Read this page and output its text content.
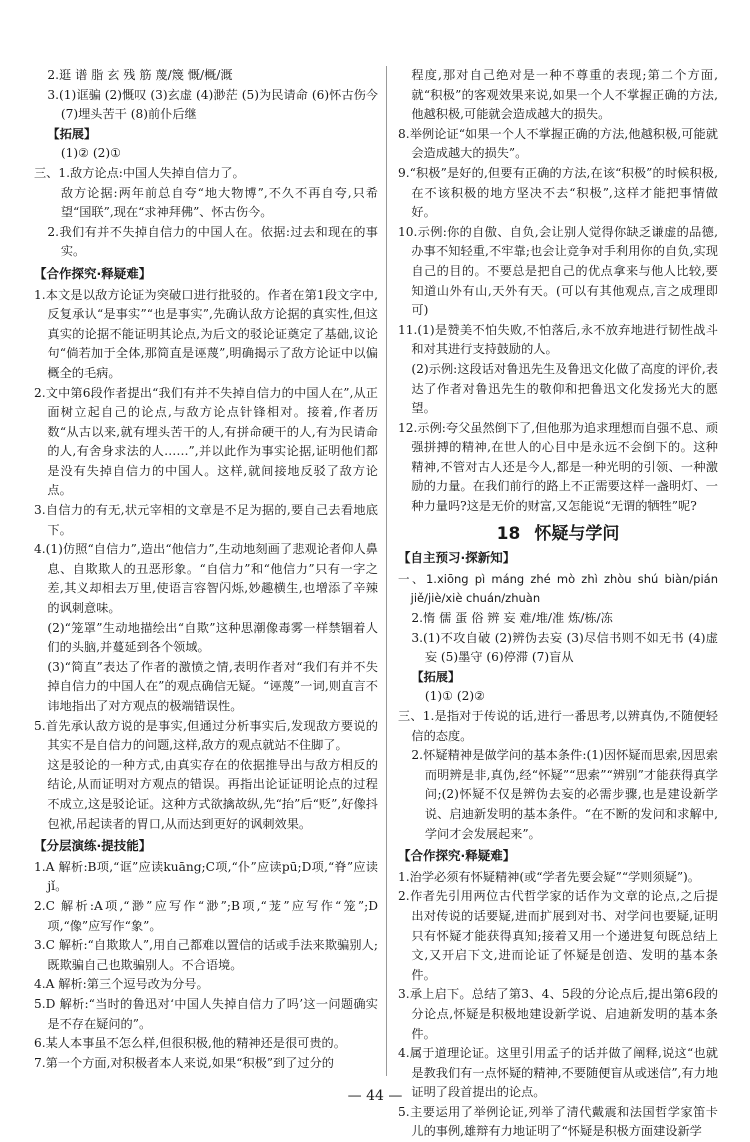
2.逛 谱 脂 玄 残 筋 蔑/篾 慨/概/溉

3.(1)诓骗 (2)慨叹 (3)玄虚 (4)渺茫 (5)为民请命 (6)怀古伤今 (7)埋头苦干 (8)前仆后继

【拓展】

(1)② (2)①

三、1.敌方论点:中国人失掉自信力了。

敌方论据:两年前总自夸“地大物博”,不久不再自夸,只希望“国联”,现在“求神拜佛”、怀古伤今。

2.我们有并不失掉自信力的中国人在。依据:过去和现在的事实。

【合作探究·释疑难】

1.本文是以敌方论证为突破口进行批驳的。作者在第1段文字中,反复承认“是事实”“也是事实”,先确认敌方论据的真实性,但这真实的论据不能证明其论点,为后文的驳论证奠定了基础,议论句“倘若加于全体,那简直是诬蔑”,明确揭示了敌方论证中以偏概全的毛病。

2.文中第6段作者提出“我们有并不失掉自信力的中国人在”,从正面树立起自己的论点,与敌方论点针锋相对。接着,作者历数“从古以来,就有埋头苦干的人,有拼命硬干的人,有为民请命的人,有舍身求法的人……”,并以此作为事实论据,证明他们都是没有失掉自信力的中国人。这样,就间接地反驳了敌方论点。

3.自信力的有无,状元宰相的文章是不足为据的,要自己去看地底下。

4.(1)仿照“自信力”,造出“他信力”,生动地刻画了悲观论者仰人鼻息、自欺欺人的丑恶形象。“自信力”和“他信力”只有一字之差,其义却相去万里,使语言容智闪烁,妙趣横生,也增添了辛辣的讽刺意味。

(2)“笼罩”生动地描绘出“自欺”这种思潮像毒雾一样禁锢着人们的头脑,并蔓延到各个领域。

(3)“简直”表达了作者的激愤之情,表明作者对“我们有并不失掉自信力的中国人在”的观点确信无疑。“诬蔑”一词,则直言不讳地指出了对方观点的极端错误性。

5.首先承认敌方说的是事实,但通过分析事实后,发现敌方要说的其实不是自信力的问题,这样,敌方的观点就站不住脚了。

这是驳论的一种方式,由真实存在的依据推导出与敌方相反的结论,从而证明对方观点的错误。再指出论证证明论点的过程不成立,这是驳论证。这种方式欲擒故纵,先“抬”后“贬”,好像抖包袱,吊起读者的胃口,从而达到更好的讽刺效果。

【分层演练·提技能】

1.A 解析:B项,“诓”应读kuāng;C项,“仆”应读pū;D项,“脊”应读jǐ。

2.C 解析:A项,“渺”应写作“渺”;B项,“茏”应写作“笼”;D项,“像”应写作“象”。

3.C 解析:“自欺欺人”,用自己都难以置信的话或手法来欺骗别人;既欺骗自己也欺骗别人。不合语境。

4.A 解析:第三个逗号改为分号。

5.D 解析:“当时的鲁迅对‘中国人失掉自信力了吗’这一问题确实是不存在疑问的”。

6.某人本事虽不怎么样,但很积极,他的精神还是很可贵的。

7.第一个方面,对积极者本人来说,如果“积极”到了过分的

程度,那对自己绝对是一种不尊重的表现;第二个方面,就“积极”的客观效果来说,如果一个人不掌握正确的方法,他越积极,可能就会造成越大的损失。

8.举例论证“如果一个人不掌握正确的方法,他越积极,可能就会造成越大的损失”。

9.“积极”是好的,但要有正确的方法,在该“积极”的时候积极,在不该积极的地方坚决不去“积极”,这样才能把事情做好。

10.示例:你的自傲、自负,会让别人觉得你缺乏谦虚的品德,办事不知轻重,不牢靠;也会让竞争对手利用你的自负,实现自己的目的。不要总是把自己的优点拿来与他人比较,要知道山外有山,天外有天。(可以有其他观点,言之成理即可)

11.(1)是赞美不怕失败,不怕落后,永不放弃地进行韧性战斗和对其进行支持鼓励的人。

(2)示例:这段话对鲁迅先生及鲁迅文化做了高度的评价,表达了作者对鲁迅先生的敬仰和把鲁迅文化发扬光大的愿望。

12.示例:夸父虽然倒下了,但他那为追求理想而自强不息、顽强拼搏的精神,在世人的心目中是永远不会倒下的。这种精神,不管对古人还是今人,都是一种光明的引领、一种激励的力量。在我们前行的路上不正需要这样一盏明灯、一种力量吗?这是无价的财富,又怎能说“无谓的牺牲”呢?

18 怀疑与学问

【自主预习·探新知】

一、1.xiōng pì máng zhé mò zhì zhòu shú biàn/pián jiě/jiè/xiè chuán/zhuàn

2.惰 儒 蛋 俗 辨 妄 难/堆/准 炼/栋/冻

3.(1)不攻自破 (2)辨伪去妄 (3)尽信书则不如无书 (4)虚妄 (5)墨守 (6)停滞 (7)盲从

【拓展】

(1)① (2)②

三、1.是指对于传说的话,进行一番思考,以辨真伪,不随便轻信的态度。

2.怀疑精神是做学问的基本条件:(1)因怀疑而思索,因思索而明辨是非,真伪,经“怀疑”“思索”“辨别”才能获得真学问;(2)怀疑不仅是辨伪去妄的必需步骤,也是建设新学说、启迪新发明的基本条件。“在不断的发问和求解中,学问才会发展起来”。

【合作探究·释疑难】

1.治学必须有怀疑精神(或“学者先要会疑”“学则须疑”)。

2.作者先引用两位古代哲学家的话作为文章的论点,之后提出对传说的话要疑,进而扩展到对书、对学问也要疑,证明只有怀疑才能获得真知;接着又用一个递进复句既总结上文,又开启下文,进而论证了怀疑是创造、发明的基本条件。

3.承上启下。总结了第3、4、5段的分论点后,提出第6段的分论点,怀疑是积极地建设新学说、启迪新发明的基本条件。

4.属于道理论证。这里引用孟子的话并做了阐释,说这“也就是教我们有一点怀疑的精神,不要随便盲从或迷信”,有力地证明了段首提出的论点。

5.主要运用了举例论证,列举了清代戴震和法国哲学家笛卡儿的事例,雄辩有力地证明了“怀疑是积极方面建设新学

— 44 —
